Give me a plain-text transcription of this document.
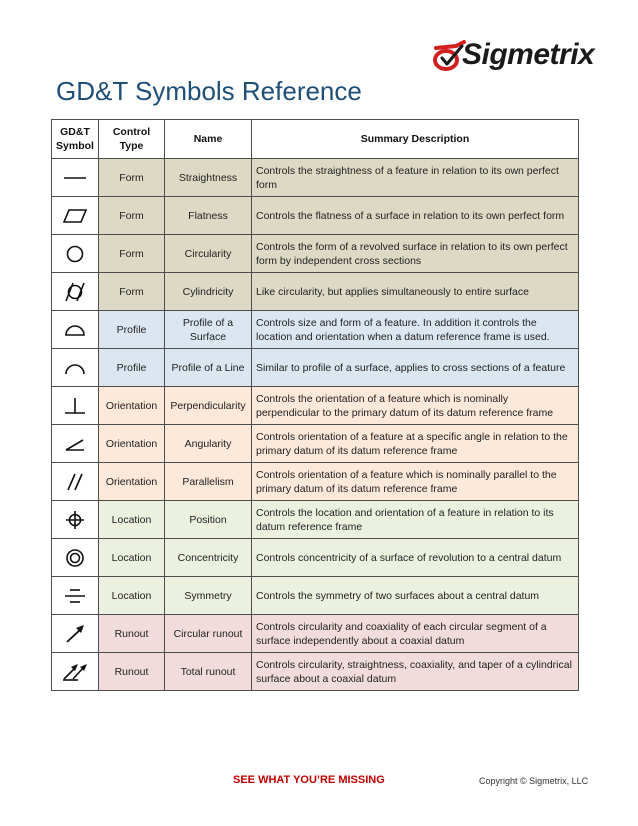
Sigmetrix
GD&T Symbols Reference
GD&T Symbol	Control Type	Name	Summary Description

	Form	Straightness	Controls the straightness of a feature in relation to its own perfect form

	Form	Flatness	Controls the flatness of a surface in relation to its own perfect form

	Form	Circularity	Controls the form of a revolved surface in relation to its own perfect form by independent cross sections

	Form	Cylindricity	Like circularity, but applies simultaneously to entire surface

	Profile	Profile of a Surface	Controls size and form of a feature. In addition it controls the location and orientation when a datum reference frame is used.

	Profile	Profile of a Line	Similar to profile of a surface, applies to cross sections of a feature

	Orientation	Perpendicularity	Controls the orientation of a feature which is nominally perpendicular to the primary datum of its datum reference frame

	Orientation	Angularity	Controls orientation of a feature at a specific angle in relation to the primary datum of its datum reference frame

	Orientation	Parallelism	Controls orientation of a feature which is nominally parallel to the primary datum of its datum reference frame

	Location	Position	Controls the location and orientation of a feature in relation to its datum reference frame

	Location	Concentricity	Controls concentricity of a surface of revolution to a central datum

	Location	Symmetry	Controls the symmetry of two surfaces about a central datum

	Runout	Circular runout	Controls circularity and coaxiality of each circular segment of a surface independently about a coaxial datum

	Runout	Total runout	Controls circularity, straightness, coaxiality, and taper of a cylindrical surface about a coaxial datum
SEE WHAT YOU’RE MISSING	Copyright © Sigmetrix, LLC
